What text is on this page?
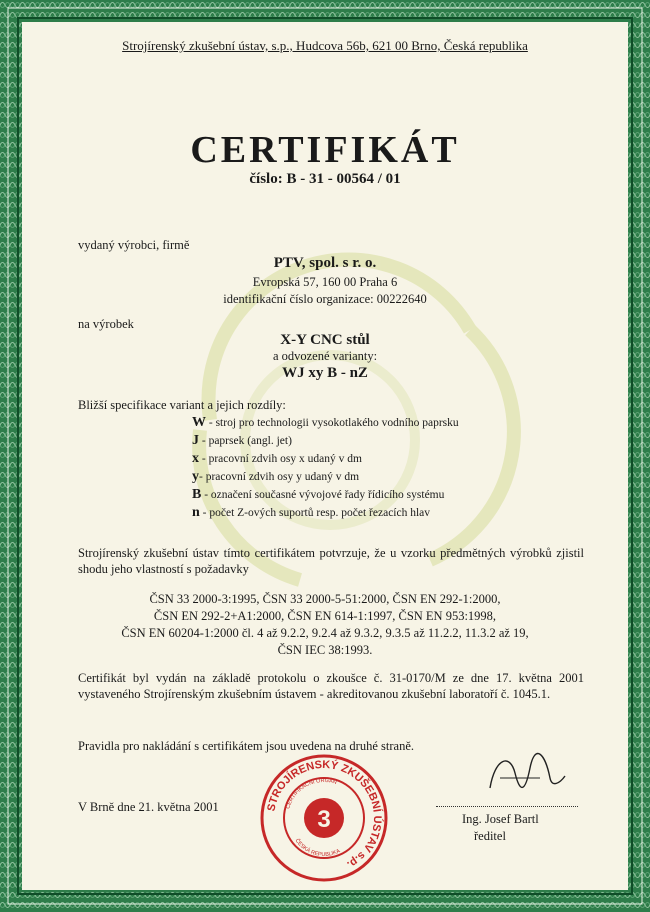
Strojírenský zkušební ústav, s.p., Hudcova 56b, 621 00 Brno, Česká republika
CERTIFIKÁT
číslo: B - 31 - 00564 / 01
vydaný výrobci, firmě
PTV, spol. s r. o.
Evropská 57, 160 00 Praha 6
identifikační číslo organizace: 00222640
na výrobek
X-Y CNC stůl
a odvozené varianty:
WJ xy B - nZ
Bližší specifikace variant a jejich rozdíly:
W - stroj pro technologii vysokotlakého vodního paprsku
J - paprsek (angl. jet)
x - pracovní zdvih osy x udaný v dm
y- pracovní zdvih osy y udaný v dm
B - označení současné vývojové řady řídicího systému
n - počet Z-ových suportů resp. počet řezacích hlav
Strojírenský zkušební ústav tímto certifikátem potvrzuje, že u vzorku předmětných výrobků zjistil shodu jeho vlastností s požadavky
ČSN 33 2000-3:1995, ČSN 33 2000-5-51:2000, ČSN EN 292-1:2000,
ČSN EN 292-2+A1:2000, ČSN EN 614-1:1997, ČSN EN 953:1998,
ČSN EN 60204-1:2000 čl. 4 až 9.2.2, 9.2.4 až 9.3.2, 9.3.5 až 11.2.2, 11.3.2 až 19,
ČSN IEC 38:1993.
Certifikát byl vydán na základě protokolu o zkoušce č. 31-0170/M ze dne 17. května 2001 vystaveného Strojírenským zkušebním ústavem - akreditovanou zkušební laboratoří č. 1045.1.
Pravidla pro nakládání s certifikátem jsou uvedena na druhé straně.
V Brně dne 21. května 2001
Ing. Josef Bartl
ředitel
STROJÍRENSKÝ ZKUŠEBNÍ ÚSTAV s.p.
CERTIFIKAČNÍ ORGÁN
ČESKÁ REPUBLIKA
3
